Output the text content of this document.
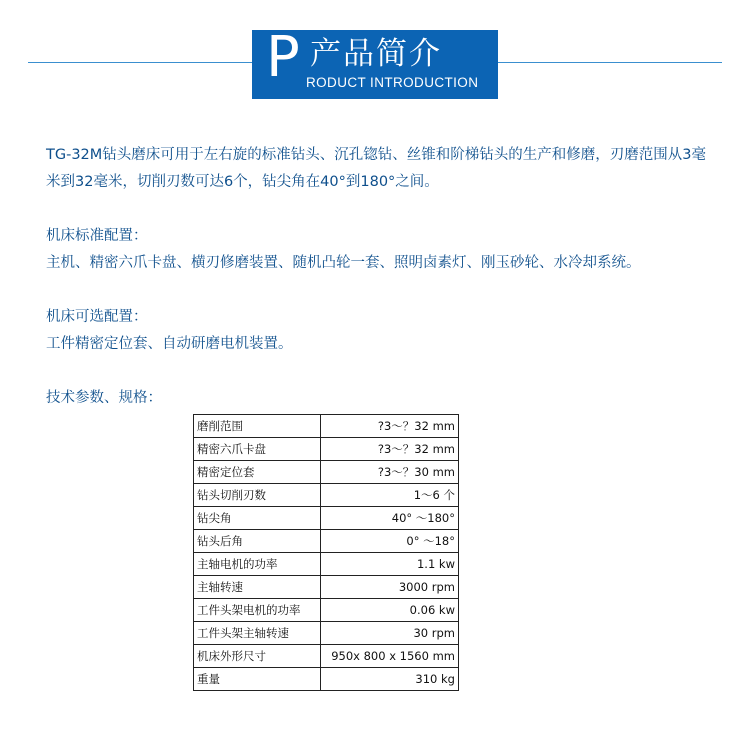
P 产品简介
RODUCT INTRODUCTION

TG-32M钻头磨床可用于左右旋的标准钻头、沉孔锪钻、丝锥和阶梯钻头的生产和修磨，刃磨范围从3毫米到32毫米，切削刃数可达6个，钻尖角在40°到180°之间。

机床标准配置：

主机、精密六爪卡盘、横刃修磨装置、随机凸轮一套、照明卤素灯、刚玉砂轮、水冷却系统。

机床可选配置：

工件精密定位套、自动研磨电机装置。

技术参数、规格：

磨削范围	?3～？32 mm
精密六爪卡盘	?3～？32 mm
精密定位套	?3～？30 mm
钻头切削刃数	1～6 个
钻尖角	40° ～180°
钻头后角	0° ～18°
主轴电机的功率	1.1 kw
主轴转速	3000 rpm
工件头架电机的功率	0.06 kw
工件头架主轴转速	30 rpm
机床外形尺寸	950x 800 x 1560 mm
重量	310 kg
